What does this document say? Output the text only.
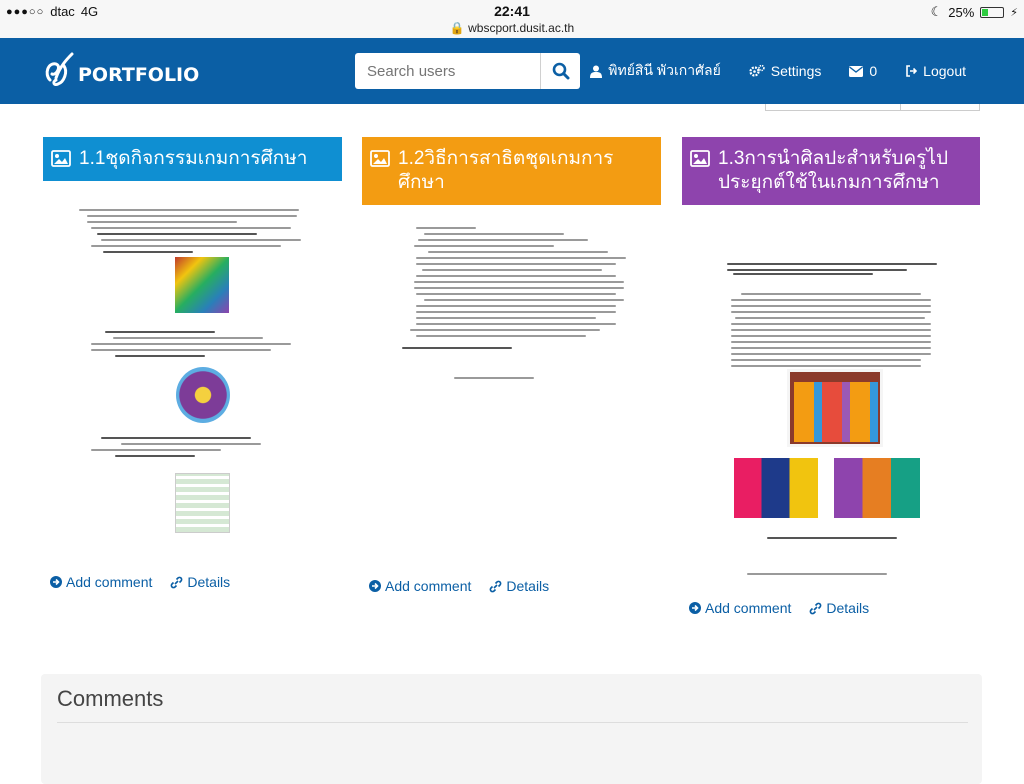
●●●○○ dtac 4G	22:41
🔒 wbscport.dusit.ac.th
☾ 25%	⚡
PORTFOLIO
Search users	พิทย์สินี พัวเกาศัลย์	Settings	0	Logout
1.1ชุดกิจกรรมเกมการศึกษา
Add comment	Details
1.2วิธีการสาธิตชุดเกมการศึกษา
Add comment	Details
1.3การนำศิลปะสำหรับครูไปประยุกต์ใช้ในเกมการศึกษา
Add comment	Details
Comments
